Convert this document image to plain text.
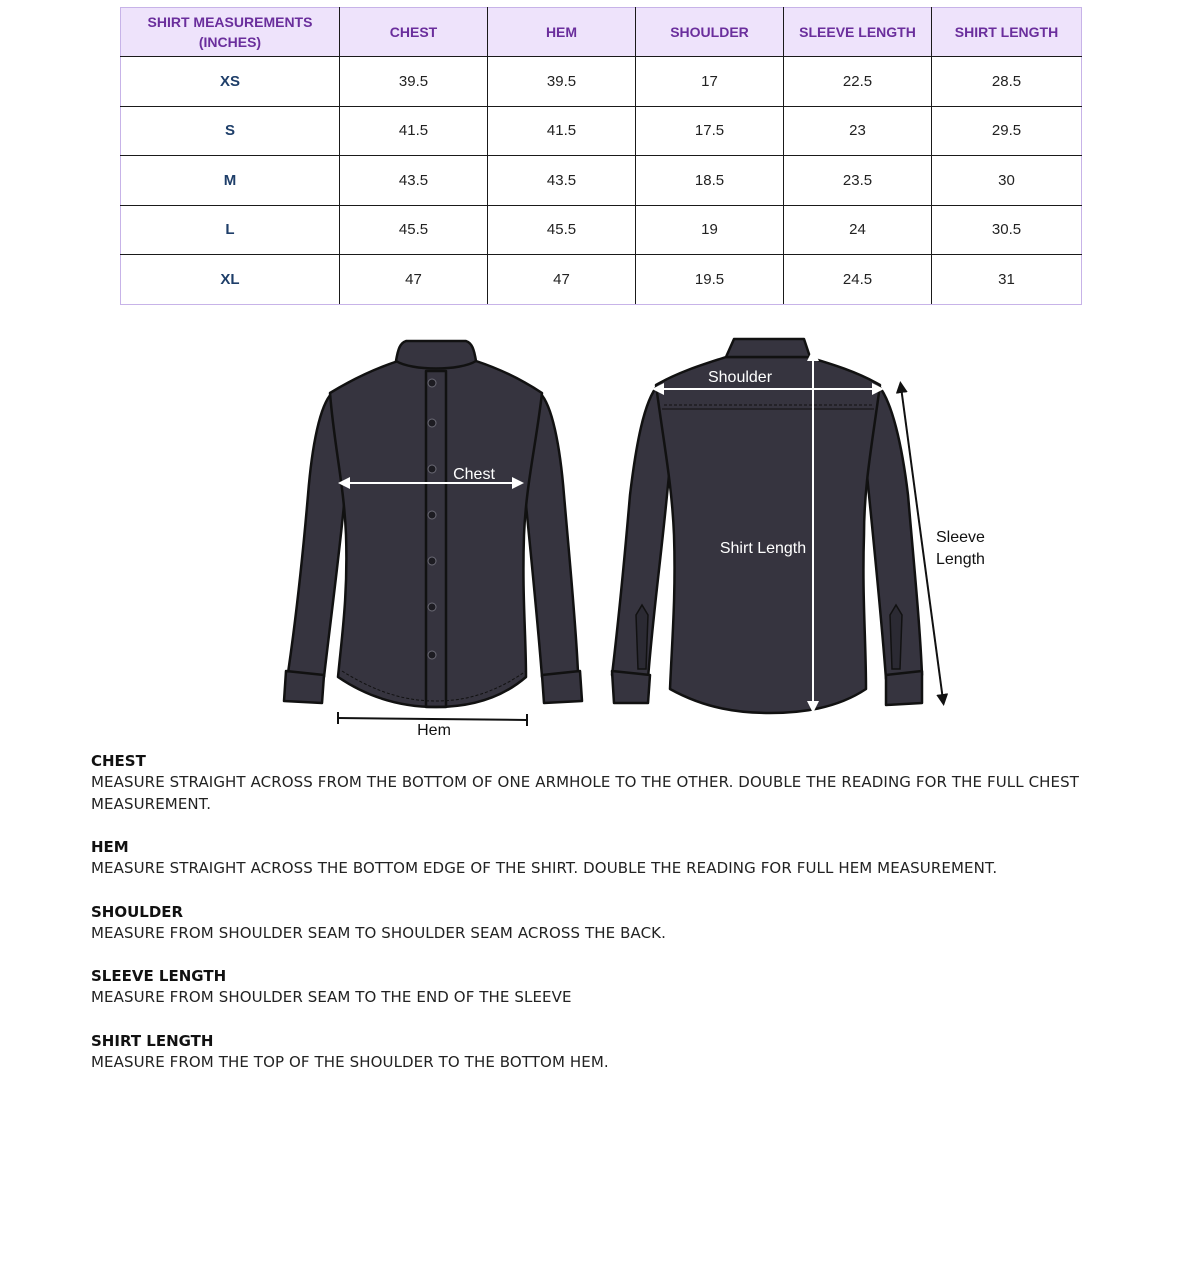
SHIRT MEASUREMENTS (INCHES)	CHEST	HEM	SHOULDER	SLEEVE LENGTH	SHIRT LENGTH
XS	39.5	39.5	17	22.5	28.5
S	41.5	41.5	17.5	23	29.5
M	43.5	43.5	18.5	23.5	30
L	45.5	45.5	19	24	30.5
XL	47	47	19.5	24.5	31
Chest
Hem
Shoulder
Shirt Length
Sleeve
Length
CHEST
MEASURE STRAIGHT ACROSS FROM THE BOTTOM OF ONE ARMHOLE TO THE OTHER. DOUBLE THE READING FOR THE FULL CHEST MEASUREMENT.
HEM
MEASURE STRAIGHT ACROSS THE BOTTOM EDGE OF THE SHIRT. DOUBLE THE READING FOR FULL HEM MEASUREMENT.
SHOULDER
MEASURE FROM SHOULDER SEAM TO SHOULDER SEAM ACROSS THE BACK.
SLEEVE LENGTH
MEASURE FROM SHOULDER SEAM TO THE END OF THE SLEEVE
SHIRT LENGTH
MEASURE FROM THE TOP OF THE SHOULDER TO THE BOTTOM HEM.
